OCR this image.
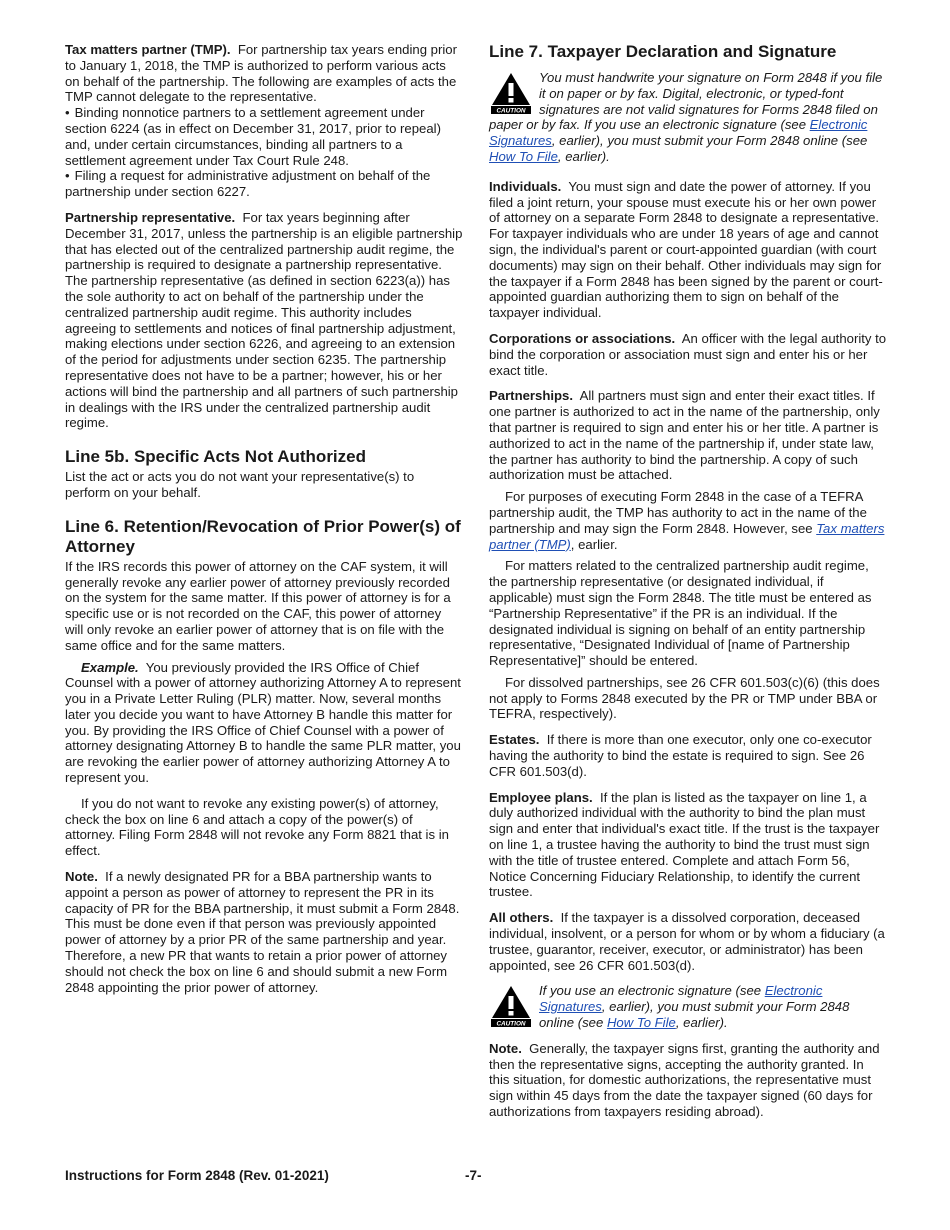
Tax matters partner (TMP). For partnership tax years ending prior to January 1, 2018, the TMP is authorized to perform various acts on behalf of the partnership. The following are examples of acts the TMP cannot delegate to the representative.

• Binding nonnotice partners to a settlement agreement under section 6224 (as in effect on December 31, 2017, prior to repeal) and, under certain circumstances, binding all partners to a settlement agreement under Tax Court Rule 248.

• Filing a request for administrative adjustment on behalf of the partnership under section 6227.

Partnership representative. For tax years beginning after December 31, 2017, unless the partnership is an eligible partnership that has elected out of the centralized partnership audit regime, the partnership is required to designate a partnership representative. The partnership representative (as defined in section 6223(a)) has the sole authority to act on behalf of the partnership under the centralized partnership audit regime. This authority includes agreeing to settlements and notices of final partnership adjustment, making elections under section 6226, and agreeing to an extension of the period for adjustments under section 6235. The partnership representative does not have to be a partner; however, his or her actions will bind the partnership and all partners of such partnership in dealings with the IRS under the centralized partnership audit regime.

Line 5b. Specific Acts Not Authorized

List the act or acts you do not want your representative(s) to perform on your behalf.

Line 6. Retention/Revocation of Prior Power(s) of Attorney

If the IRS records this power of attorney on the CAF system, it will generally revoke any earlier power of attorney previously recorded on the system for the same matter. If this power of attorney is for a specific use or is not recorded on the CAF, this power of attorney will only revoke an earlier power of attorney that is on file with the same office and for the same matters.

Example. You previously provided the IRS Office of Chief Counsel with a power of attorney authorizing Attorney A to represent you in a Private Letter Ruling (PLR) matter. Now, several months later you decide you want to have Attorney B handle this matter for you. By providing the IRS Office of Chief Counsel with a power of attorney designating Attorney B to handle the same PLR matter, you are revoking the earlier power of attorney authorizing Attorney A to represent you.

If you do not want to revoke any existing power(s) of attorney, check the box on line 6 and attach a copy of the power(s) of attorney. Filing Form 2848 will not revoke any Form 8821 that is in effect.

Note. If a newly designated PR for a BBA partnership wants to appoint a person as power of attorney to represent the PR in its capacity of PR for the BBA partnership, it must submit a Form 2848. This must be done even if that person was previously appointed power of attorney by a prior PR of the same partnership and year. Therefore, a new PR that wants to retain a prior power of attorney should not check the box on line 6 and should submit a new Form 2848 appointing the prior power of attorney.

Line 7. Taxpayer Declaration and Signature

CAUTION
You must handwrite your signature on Form 2848 if you file it on paper or by fax. Digital, electronic, or typed-font signatures are not valid signatures for Forms 2848 filed on paper or by fax. If you use an electronic signature (see Electronic Signatures, earlier), you must submit your Form 2848 online (see How To File, earlier).

Individuals. You must sign and date the power of attorney. If you filed a joint return, your spouse must execute his or her own power of attorney on a separate Form 2848 to designate a representative. For taxpayer individuals who are under 18 years of age and cannot sign, the individual's parent or court-appointed guardian (with court documents) may sign on their behalf. Other individuals may sign for the taxpayer if a Form 2848 has been signed by the parent or court-appointed guardian authorizing them to sign on behalf of the taxpayer individual.

Corporations or associations. An officer with the legal authority to bind the corporation or association must sign and enter his or her exact title.

Partnerships. All partners must sign and enter their exact titles. If one partner is authorized to act in the name of the partnership, only that partner is required to sign and enter his or her title. A partner is authorized to act in the name of the partnership if, under state law, the partner has authority to bind the partnership. A copy of such authorization must be attached.

For purposes of executing Form 2848 in the case of a TEFRA partnership audit, the TMP has authority to act in the name of the partnership and may sign the Form 2848. However, see Tax matters partner (TMP), earlier.

For matters related to the centralized partnership audit regime, the partnership representative (or designated individual, if applicable) must sign the Form 2848. The title must be entered as “Partnership Representative” if the PR is an individual. If the designated individual is signing on behalf of an entity partnership representative, “Designated Individual of [name of Partnership Representative]” should be entered.

For dissolved partnerships, see 26 CFR 601.503(c)(6) (this does not apply to Forms 2848 executed by the PR or TMP under BBA or TEFRA, respectively).

Estates. If there is more than one executor, only one co-executor having the authority to bind the estate is required to sign. See 26 CFR 601.503(d).

Employee plans. If the plan is listed as the taxpayer on line 1, a duly authorized individual with the authority to bind the plan must sign and enter that individual's exact title. If the trust is the taxpayer on line 1, a trustee having the authority to bind the trust must sign with the title of trustee entered. Complete and attach Form 56, Notice Concerning Fiduciary Relationship, to identify the current trustee.

All others. If the taxpayer is a dissolved corporation, deceased individual, insolvent, or a person for whom or by whom a fiduciary (a trustee, guarantor, receiver, executor, or administrator) has been appointed, see 26 CFR 601.503(d).

CAUTION
If you use an electronic signature (see Electronic Signatures, earlier), you must submit your Form 2848 online (see How To File, earlier).

Note. Generally, the taxpayer signs first, granting the authority and then the representative signs, accepting the authority granted. In this situation, for domestic authorizations, the representative must sign within 45 days from the date the taxpayer signed (60 days for authorizations from taxpayers residing abroad).

Instructions for Form 2848 (Rev. 01-2021)	-7-
